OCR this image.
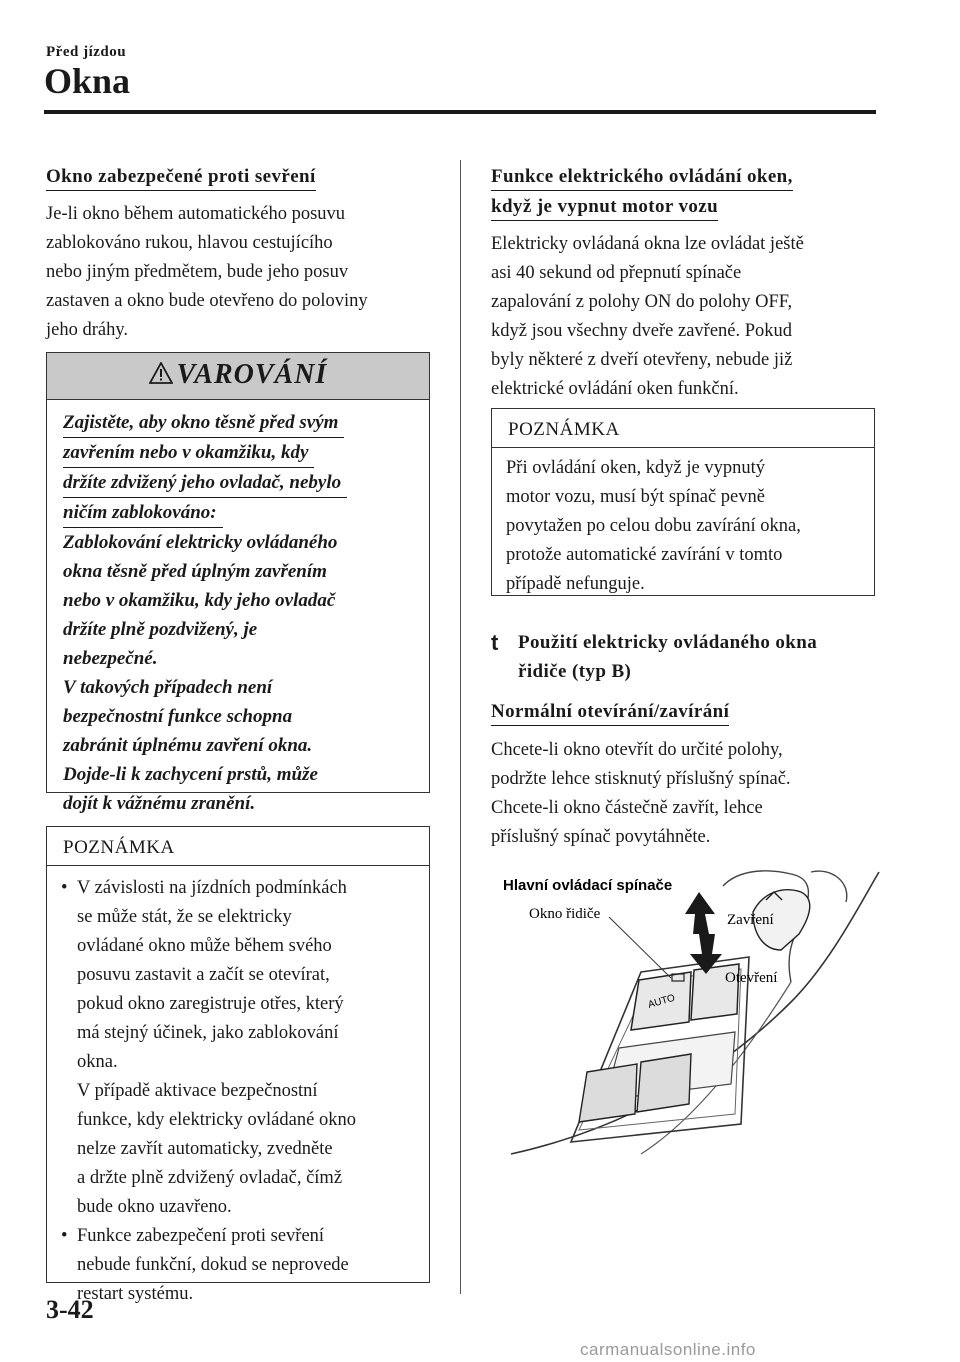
Před jízdou
Okna
Okno zabezpečené proti sevření
Je-li okno během automatického posuvu
zablokováno rukou, hlavou cestujícího
nebo jiným předmětem, bude jeho posuv
zastaven a okno bude otevřeno do poloviny
jeho dráhy.
VAROVÁNÍ
Zajistěte, aby okno těsně před svým
zavřením nebo v okamžiku, kdy
držíte zdvižený jeho ovladač, nebylo
ničím zablokováno:
Zablokování elektricky ovládaného
okna těsně před úplným zavřením
nebo v okamžiku, kdy jeho ovladač
držíte plně pozdvižený, je
nebezpečné.
V takových případech není
bezpečnostní funkce schopna
zabránit úplnému zavření okna.
Dojde-li k zachycení prstů, může
dojít k vážnému zranění.
POZNÁMKA
• V závislosti na jízdních podmínkách
se může stát, že se elektricky
ovládané okno může během svého
posuvu zastavit a začít se otevírat,
pokud okno zaregistruje otřes, který
má stejný účinek, jako zablokování
okna.
V případě aktivace bezpečnostní
funkce, kdy elektricky ovládané okno
nelze zavřít automaticky, zvedněte
a držte plně zdvižený ovladač, čímž
bude okno uzavřeno.
• Funkce zabezpečení proti sevření
nebude funkční, dokud se neprovede
restart systému.
Funkce elektrického ovládání oken,
když je vypnut motor vozu
Elektricky ovládaná okna lze ovládat ještě
asi 40 sekund od přepnutí spínače
zapalování z polohy ON do polohy OFF,
když jsou všechny dveře zavřené. Pokud
byly některé z dveří otevřeny, nebude již
elektrické ovládání oken funkční.
POZNÁMKA
Při ovládání oken, když je vypnutý
motor vozu, musí být spínač pevně
povytažen po celou dobu zavírání okna,
protože automatické zavírání v tomto
případě nefunguje.
t Použití elektricky ovládaného okna
řidiče (typ B)
Normální otevírání/zavírání
Chcete-li okno otevřít do určité polohy,
podržte lehce stisknutý příslušný spínač.
Chcete-li okno částečně zavřít, lehce
příslušný spínač povytáhněte.
Hlavní ovládací spínače
Okno řidiče	Zavření
Otevření
AUTO
3-42
carmanualsonline.info
